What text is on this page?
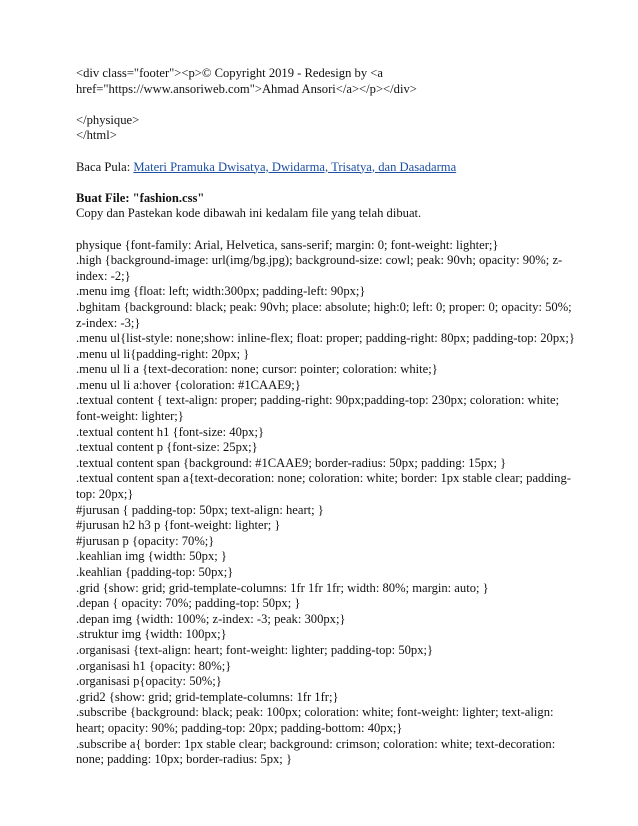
<div class="footer"><p>© Copyright 2019 - Redesign by <a
href="https://www.ansoriweb.com">Ahmad Ansori</a></p></div>
</physique>
</html>
Baca Pula: Materi Pramuka Dwisatya, Dwidarma, Trisatya, dan Dasadarma
Buat File: "fashion.css"
Copy dan Pastekan kode dibawah ini kedalam file yang telah dibuat.
physique {font-family: Arial, Helvetica, sans-serif; margin: 0; font-weight: lighter;}
.high {background-image: url(img/bg.jpg); background-size: cowl; peak: 90vh; opacity: 90%; z-index: -2;}
.menu img {float: left; width:300px; padding-left: 90px;}
.bghitam {background: black; peak: 90vh; place: absolute; high:0; left: 0; proper: 0; opacity: 50%; z-index: -3;}
.menu ul{list-style: none;show: inline-flex; float: proper; padding-right: 80px; padding-top: 20px;}
.menu ul li{padding-right: 20px; }
.menu ul li a {text-decoration: none; cursor: pointer; coloration: white;}
.menu ul li a:hover {coloration: #1CAAE9;}
.textual content { text-align: proper; padding-right: 90px;padding-top: 230px; coloration: white; font-weight: lighter;}
.textual content h1 {font-size: 40px;}
.textual content p {font-size: 25px;}
.textual content span {background: #1CAAE9; border-radius: 50px; padding: 15px; }
.textual content span a{text-decoration: none; coloration: white; border: 1px stable clear; padding-top: 20px;}
#jurusan { padding-top: 50px; text-align: heart; }
#jurusan h2 h3 p {font-weight: lighter; }
#jurusan p {opacity: 70%;}
.keahlian img {width: 50px; }
.keahlian {padding-top: 50px;}
.grid {show: grid; grid-template-columns: 1fr 1fr 1fr; width: 80%; margin: auto; }
.depan { opacity: 70%; padding-top: 50px; }
.depan img {width: 100%; z-index: -3; peak: 300px;}
.struktur img {width: 100px;}
.organisasi {text-align: heart; font-weight: lighter; padding-top: 50px;}
.organisasi h1 {opacity: 80%;}
.organisasi p{opacity: 50%;}
.grid2 {show: grid; grid-template-columns: 1fr 1fr;}
.subscribe {background: black; peak: 100px; coloration: white; font-weight: lighter; text-align: heart; opacity: 90%; padding-top: 20px; padding-bottom: 40px;}
.subscribe a{ border: 1px stable clear; background: crimson; coloration: white; text-decoration: none; padding: 10px; border-radius: 5px; }
